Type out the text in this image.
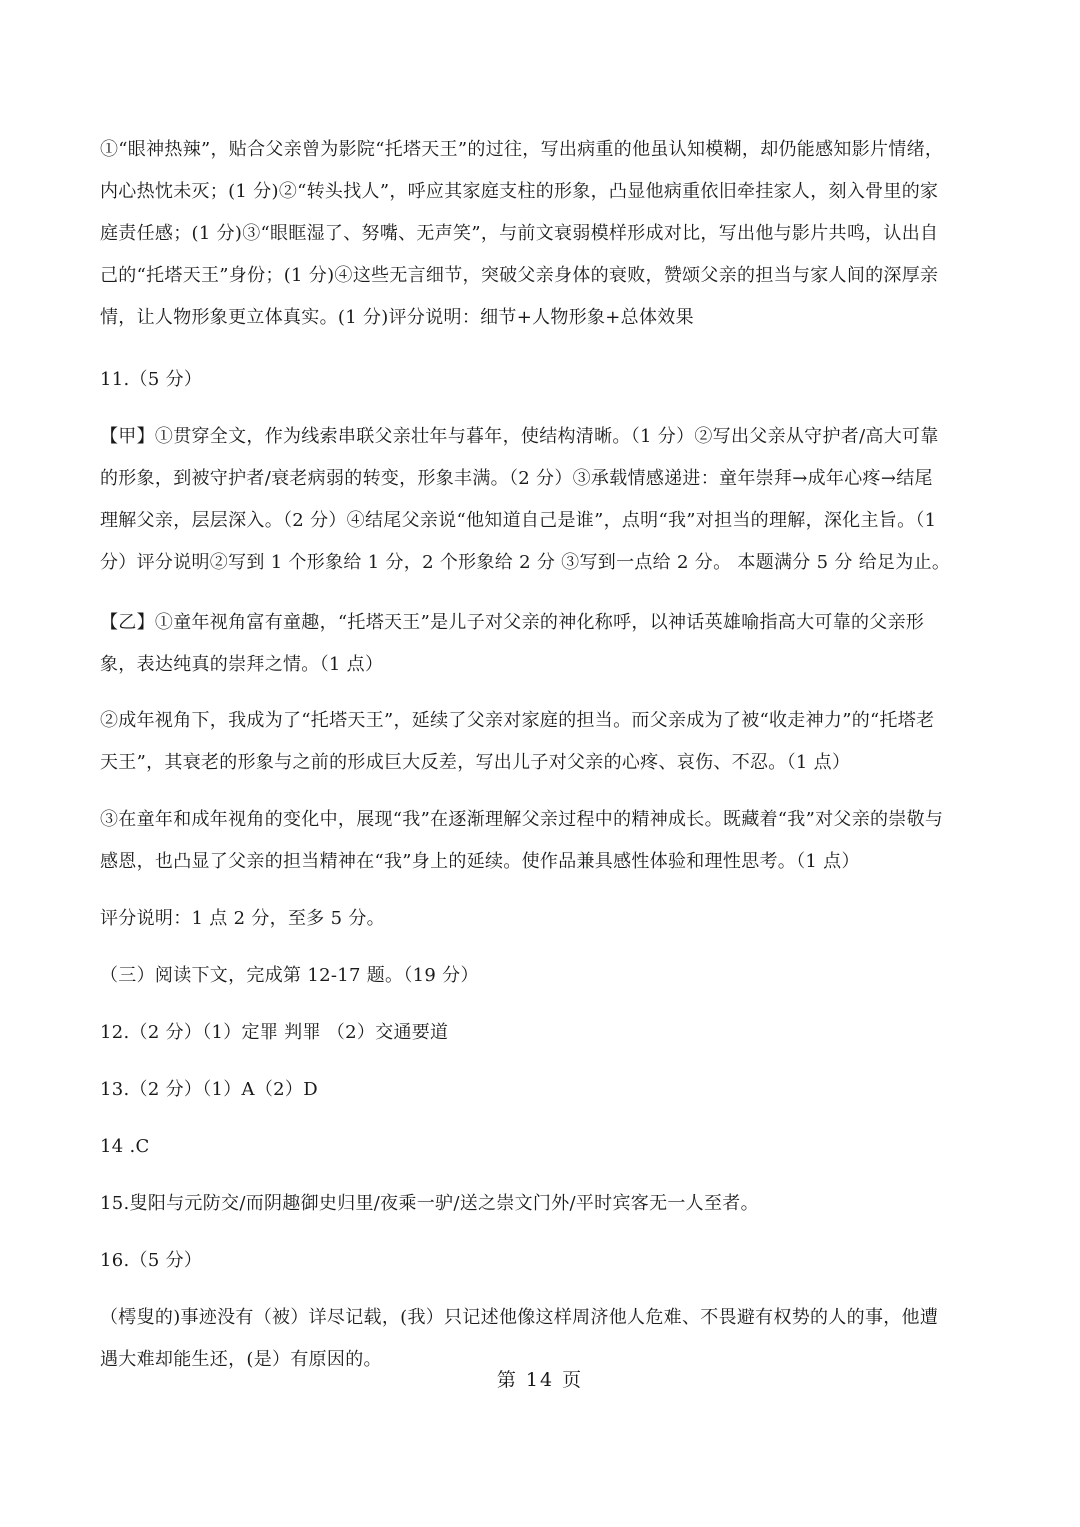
①“眼神热辣”，贴合父亲曾为影院“托塔天王”的过往，写出病重的他虽认知模糊，却仍能感知影片情绪，
内心热忱未灭；(1 分)②“转头找人”，呼应其家庭支柱的形象，凸显他病重依旧牵挂家人，刻入骨里的家
庭责任感；(1 分)③“眼眶湿了、努嘴、无声笑”，与前文衰弱模样形成对比，写出他与影片共鸣，认出自
己的“托塔天王”身份；(1 分)④这些无言细节，突破父亲身体的衰败，赞颂父亲的担当与家人间的深厚亲
情，让人物形象更立体真实。(1 分)评分说明：细节+人物形象+总体效果
11.（5 分）
【甲】①贯穿全文，作为线索串联父亲壮年与暮年，使结构清晰。（1 分）②写出父亲从守护者/高大可靠
的形象，到被守护者/衰老病弱的转变，形象丰满。（2 分）③承载情感递进：童年崇拜→成年心疼→结尾
理解父亲，层层深入。（2 分）④结尾父亲说“他知道自己是谁”，点明“我”对担当的理解，深化主旨。（1
分）评分说明②写到 1 个形象给 1 分，2 个形象给 2 分 ③写到一点给 2 分。 本题满分 5 分 给足为止。
【乙】①童年视角富有童趣，“托塔天王”是儿子对父亲的神化称呼，以神话英雄喻指高大可靠的父亲形
象，表达纯真的崇拜之情。（1 点）
②成年视角下，我成为了“托塔天王”，延续了父亲对家庭的担当。而父亲成为了被“收走神力”的“托塔老
天王”，其衰老的形象与之前的形成巨大反差，写出儿子对父亲的心疼、哀伤、不忍。（1 点）
③在童年和成年视角的变化中，展现“我”在逐渐理解父亲过程中的精神成长。既藏着“我”对父亲的崇敬与
感恩，也凸显了父亲的担当精神在“我”身上的延续。使作品兼具感性体验和理性思考。（1 点）
评分说明：1 点 2 分，至多 5 分。
（三）阅读下文，完成第 12-17 题。（19 分）
12.（2 分）（1）定罪 判罪 （2）交通要道
13.（2 分）（1）A（2）D
14 .C
15.叟阳与元防交/而阴趣御史归里/夜乘一驴/送之崇文门外/平时宾客无一人至者。
16.（5 分）
（樗叟的)事迹没有（被）详尽记载，(我）只记述他像这样周济他人危难、不畏避有权势的人的事，他遭
遇大难却能生还，(是）有原因的。
第 14 页
